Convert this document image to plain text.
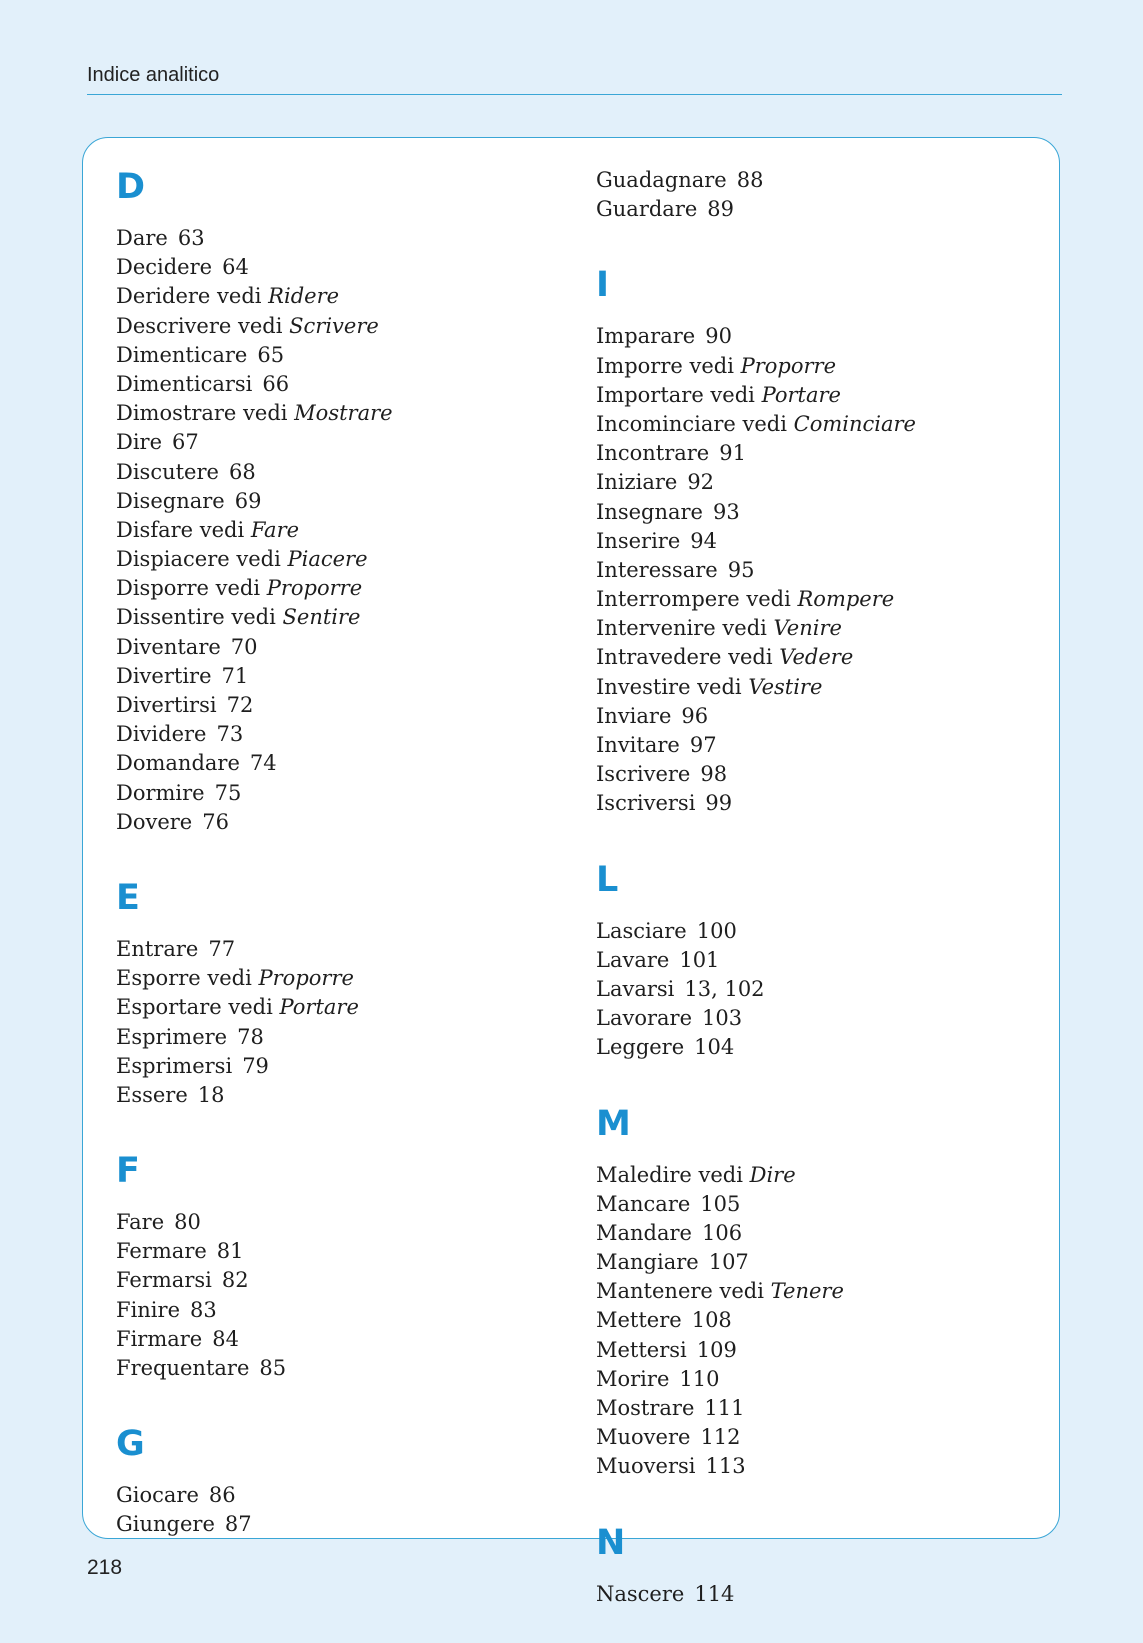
Indice analitico
D
Dare 63
Decidere 64
Deridere vedi Ridere
Descrivere vedi Scrivere
Dimenticare 65
Dimenticarsi 66
Dimostrare vedi Mostrare
Dire 67
Discutere 68
Disegnare 69
Disfare vedi Fare
Dispiacere vedi Piacere
Disporre vedi Proporre
Dissentire vedi Sentire
Diventare 70
Divertire 71
Divertirsi 72
Dividere 73
Domandare 74
Dormire 75
Dovere 76
E
Entrare 77
Esporre vedi Proporre
Esportare vedi Portare
Esprimere 78
Esprimersi 79
Essere 18
F
Fare 80
Fermare 81
Fermarsi 82
Finire 83
Firmare 84
Frequentare 85
G
Giocare 86
Giungere 87
Guadagnare 88
Guardare 89
I
Imparare 90
Imporre vedi Proporre
Importare vedi Portare
Incominciare vedi Cominciare
Incontrare 91
Iniziare 92
Insegnare 93
Inserire 94
Interessare 95
Interrompere vedi Rompere
Intervenire vedi Venire
Intravedere vedi Vedere
Investire vedi Vestire
Inviare 96
Invitare 97
Iscrivere 98
Iscriversi 99
L
Lasciare 100
Lavare 101
Lavarsi 13, 102
Lavorare 103
Leggere 104
M
Maledire vedi Dire
Mancare 105
Mandare 106
Mangiare 107
Mantenere vedi Tenere
Mettere 108
Mettersi 109
Morire 110
Mostrare 111
Muovere 112
Muoversi 113
N
Nascere 114
218
